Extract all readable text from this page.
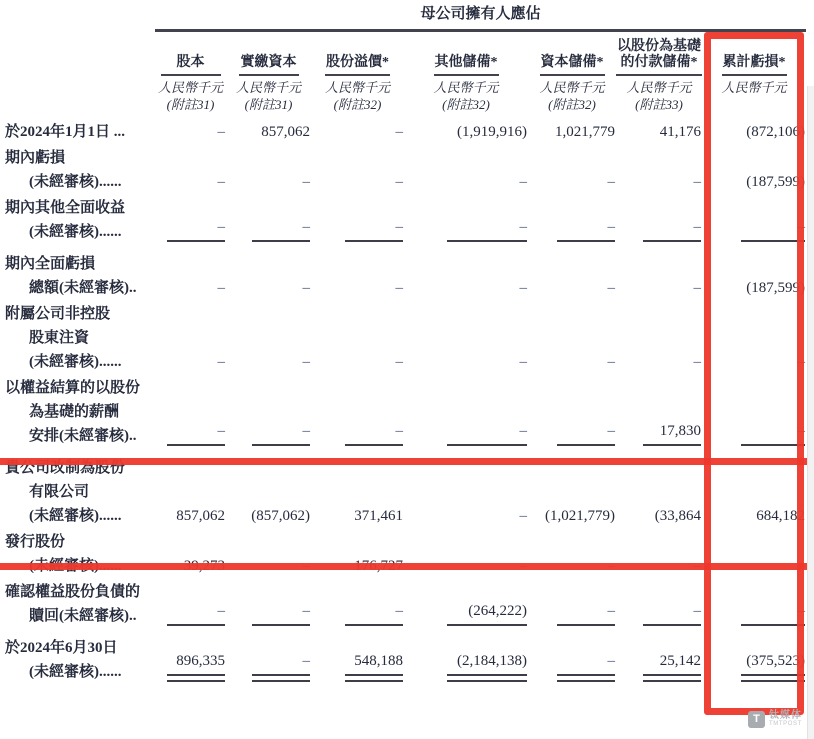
	母公司擁有人應佔						

	股本	實繳資本	股份溢價*	其他儲備*	資本儲備*	以股份為基礎
的付款儲備*	累計虧損*

	人民幣千元	人民幣千元	人民幣千元	人民幣千元	人民幣千元	人民幣千元	人民幣千元
	(附註31)	(附註31)	(附註32)	(附註32)	(附註32)	(附註33)	

於2024年1月1日 ...	–	857,062	–	(1,919,916)	1,021,779	41,176	(872,106)

期內虧損
(未經審核)......	–	–	–	–	–	–	(187,599)

期內其他全面收益
(未經審核)......	–	–	–	–	–	–	–

期內全面虧損
總額(未經審核)..	–	–	–	–	–	–	(187,599)

附屬公司非控股
股東注資
(未經審核)......	–	–	–	–	–	–	–

以權益結算的以股份
為基礎的薪酬
安排(未經審核)..	–	–	–	–	–	17,830	–

貴公司改制為股份
有限公司
(未經審核)......	857,062	(857,062)	371,461	–	(1,021,779)	(33,864	684,182

發行股份
(未經審核)......	39,273	–	176,727	–	–	–	–

確認權益股份負債的
贖回(未經審核)..	–	–	–	(264,222)	–	–	–

於2024年6月30日
(未經審核)......	896,335	–	548,188	(2,184,138)	–	25,142	(375,523)
T 钛媒体
TMTPOST
